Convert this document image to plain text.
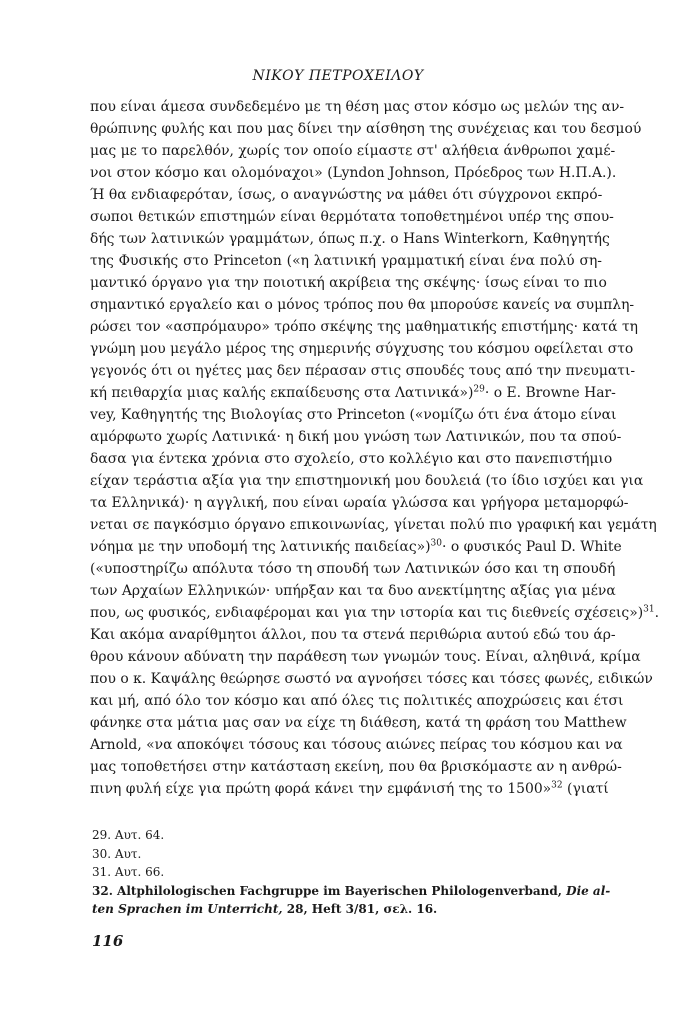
ΝΙΚΟΥ ΠΕΤΡΟΧΕΙΛΟΥ
που είναι άμεσα συνδεδεμένο με τη θέση μας στον κόσμο ως μελών της αν-
θρώπινης φυλής και που μας δίνει την αίσθηση της συνέχειας και του δεσμού
μας με το παρελθόν, χωρίς τον οποίο είμαστε στ' αλήθεια άνθρωποι χαμέ-
νοι στον κόσμο και ολομόναχοι» (Lyndon Johnson, Πρόεδρος των Η.Π.Α.).
Ή θα ενδιαφερόταν, ίσως, ο αναγνώστης να μάθει ότι σύγχρονοι εκπρό-
σωποι θετικών επιστημών είναι θερμότατα τοποθετημένοι υπέρ της σπου-
δής των λατινικών γραμμάτων, όπως π.χ. ο Hans Winterkorn, Καθηγητής
της Φυσικής στο Princeton («η λατινική γραμματική είναι ένα πολύ ση-
μαντικό όργανο για την ποιοτική ακρίβεια της σκέψης· ίσως είναι το πιο
σημαντικό εργαλείο και ο μόνος τρόπος που θα μπορούσε κανείς να συμπλη-
ρώσει τον «ασπρόμαυρο» τρόπο σκέψης της μαθηματικής επιστήμης· κατά τη
γνώμη μου μεγάλο μέρος της σημερινής σύγχυσης του κόσμου οφείλεται στο
γεγονός ότι οι ηγέτες μας δεν πέρασαν στις σπουδές τους από την πνευματι-
κή πειθαρχία μιας καλής εκπαίδευσης στα Λατινικά»)$^{29}$· ο E. Browne Har-
vey, Καθηγητής της Βιολογίας στο Princeton («νομίζω ότι ένα άτομο είναι
αμόρφωτο χωρίς Λατινικά· η δική μου γνώση των Λατινικών, που τα σπού-
δασα για έντεκα χρόνια στο σχολείο, στο κολλέγιο και στο πανεπιστήμιο
είχαν τεράστια αξία για την επιστημονική μου δουλειά (το ίδιο ισχύει και για
τα Ελληνικά)· η αγγλική, που είναι ωραία γλώσσα και γρήγορα μεταμορφώ-
νεται σε παγκόσμιο όργανο επικοινωνίας, γίνεται πολύ πιο γραφική και γεμάτη
νόημα με την υποδομή της λατινικής παιδείας»)$^{30}$· ο φυσικός Paul D. White
(«υποστηρίζω απόλυτα τόσο τη σπουδή των Λατινικών όσο και τη σπουδή
των Αρχαίων Ελληνικών· υπήρξαν και τα δυο ανεκτίμητης αξίας για μένα
που, ως φυσικός, ενδιαφέρομαι και για την ιστορία και τις διεθνείς σχέσεις»)$^{31}$.
Και ακόμα αναρίθμητοι άλλοι, που τα στενά περιθώρια αυτού εδώ του άρ-
θρου κάνουν αδύνατη την παράθεση των γνωμών τους. Είναι, αληθινά, κρίμα
που ο κ. Καψάλης θεώρησε σωστό να αγνοήσει τόσες και τόσες φωνές, ειδικών
και μή, από όλο τον κόσμο και από όλες τις πολιτικές αποχρώσεις και έτσι
φάνηκε στα μάτια μας σαν να είχε τη διάθεση, κατά τη φράση του Matthew
Arnold, «να αποκόψει τόσους και τόσους αιώνες πείρας του κόσμου και να
μας τοποθετήσει στην κατάσταση εκείνη, που θα βρισκόμαστε αν η ανθρώ-
πινη φυλή είχε για πρώτη φορά κάνει την εμφάνισή της το 1500»$^{32}$ (γιατί
29. Αυτ. 64.
30. Αυτ.
31. Αυτ. 66.
32. Altphilologischen Fachgruppe im Bayerischen Philologenverband, Die al-
ten Sprachen im Unterricht, 28, Heft 3/81, σελ. 16.
116
